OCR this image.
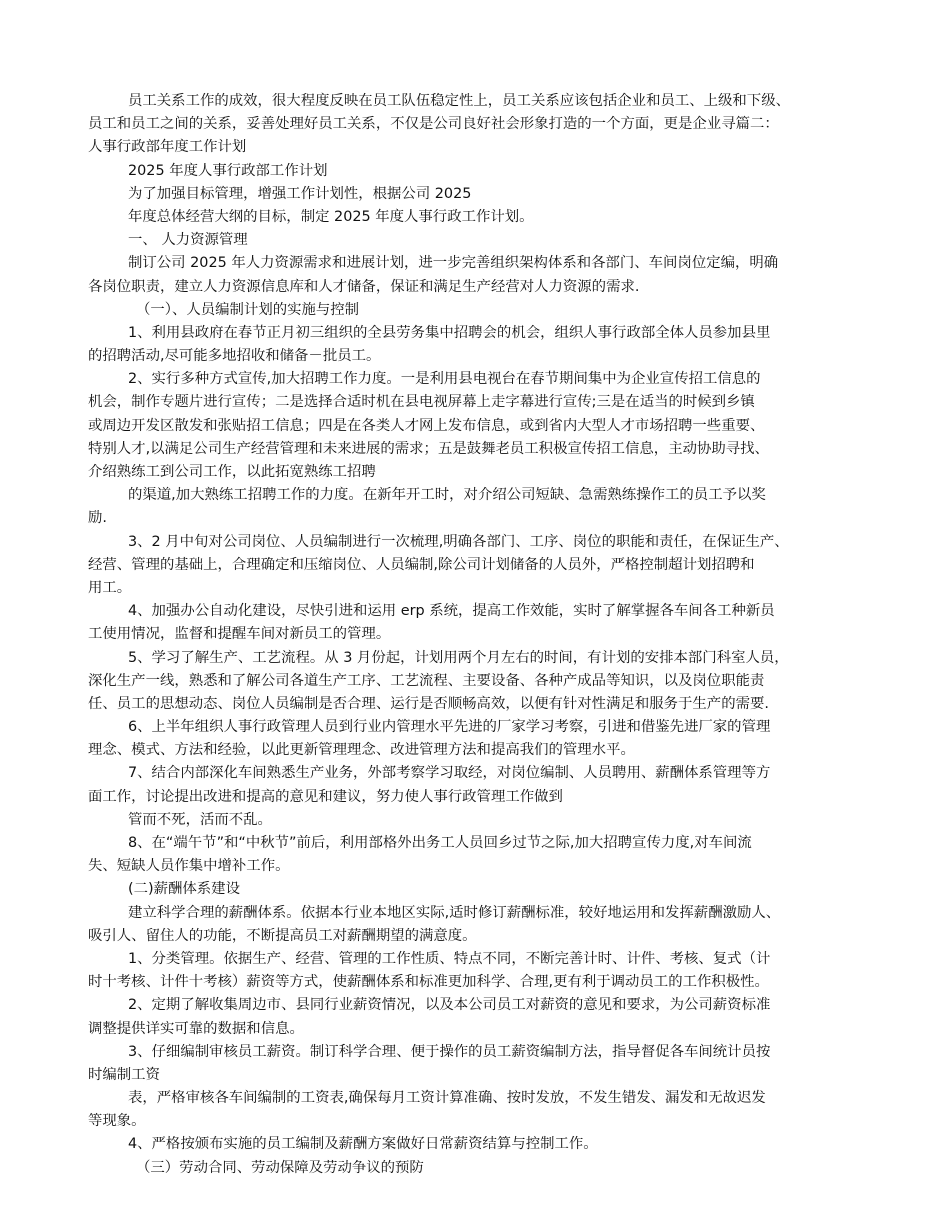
员工关系工作的成效，很大程度反映在员工队伍稳定性上，员工关系应该包括企业和员工、上级和下级、
员工和员工之间的关系，妥善处理好员工关系，不仅是公司良好社会形象打造的一个方面，更是企业寻篇二：
人事行政部年度工作计划
2025 年度人事行政部工作计划
为了加强目标管理，增强工作计划性，根据公司 2025
年度总体经营大纲的目标，制定 2025 年度人事行政工作计划。
一、 人力资源管理
制订公司 2025 年人力资源需求和进展计划，进一步完善组织架构体系和各部门、车间岗位定编，明确
各岗位职责，建立人力资源信息库和人才储备，保证和满足生产经营对人力资源的需求.
（一）、人员编制计划的实施与控制
1、利用县政府在春节正月初三组织的全县劳务集中招聘会的机会，组织人事行政部全体人员参加县里
的招聘活动,尽可能多地招收和储备－批员工。
2、实行多种方式宣传,加大招聘工作力度。一是利用县电视台在春节期间集中为企业宣传招工信息的
机会，制作专题片进行宣传；二是选择合适时机在县电视屏幕上走字幕进行宣传;三是在适当的时候到乡镇
或周边开发区散发和张贴招工信息；四是在各类人才网上发布信息，或到省内大型人才市场招聘一些重要、
特别人才,以满足公司生产经营管理和未来进展的需求；五是鼓舞老员工积极宣传招工信息，主动协助寻找、
介绍熟练工到公司工作，以此拓宽熟练工招聘
的渠道,加大熟练工招聘工作的力度。在新年开工时，对介绍公司短缺、急需熟练操作工的员工予以奖
励.
3、2 月中旬对公司岗位、人员编制进行一次梳理,明确各部门、工序、岗位的职能和责任，在保证生产、
经营、管理的基础上，合理确定和压缩岗位、人员编制,除公司计划储备的人员外，严格控制超计划招聘和
用工。
4、加强办公自动化建设，尽快引进和运用 erp 系统，提高工作效能，实时了解掌握各车间各工种新员
工使用情况，监督和提醒车间对新员工的管理。
5、学习了解生产、工艺流程。从 3 月份起，计划用两个月左右的时间，有计划的安排本部门科室人员，
深化生产一线，熟悉和了解公司各道生产工序、工艺流程、主要设备、各种产成品等知识，以及岗位职能责
任、员工的思想动态、岗位人员编制是否合理、运行是否顺畅高效，以便有针对性满足和服务于生产的需要.
6、上半年组织人事行政管理人员到行业内管理水平先进的厂家学习考察，引进和借鉴先进厂家的管理
理念、模式、方法和经验，以此更新管理理念、改进管理方法和提高我们的管理水平。
7、结合内部深化车间熟悉生产业务，外部考察学习取经，对岗位编制、人员聘用、薪酬体系管理等方
面工作，讨论提出改进和提高的意见和建议，努力使人事行政管理工作做到
管而不死，活而不乱。
8、在“端午节”和“中秋节”前后，利用部格外出务工人员回乡过节之际,加大招聘宣传力度,对车间流
失、短缺人员作集中增补工作。
(二)薪酬体系建设
建立科学合理的薪酬体系。依据本行业本地区实际,适时修订薪酬标准，较好地运用和发挥薪酬激励人、
吸引人、留住人的功能，不断提高员工对薪酬期望的满意度。
1、分类管理。依据生产、经营、管理的工作性质、特点不同，不断完善计时、计件、考核、复式（计
时十考核、计件十考核）薪资等方式，使薪酬体系和标准更加科学、合理,更有利于调动员工的工作积极性。
2、定期了解收集周边市、县同行业薪资情况，以及本公司员工对薪资的意见和要求，为公司薪资标准
调整提供详实可靠的数据和信息。
3、仔细编制审核员工薪资。制订科学合理、便于操作的员工薪资编制方法，指导督促各车间统计员按
时编制工资
表，严格审核各车间编制的工资表,确保每月工资计算准确、按时发放，不发生错发、漏发和无故迟发
等现象。
4、严格按颁布实施的员工编制及薪酬方案做好日常薪资结算与控制工作。
（三）劳动合同、劳动保障及劳动争议的预防
